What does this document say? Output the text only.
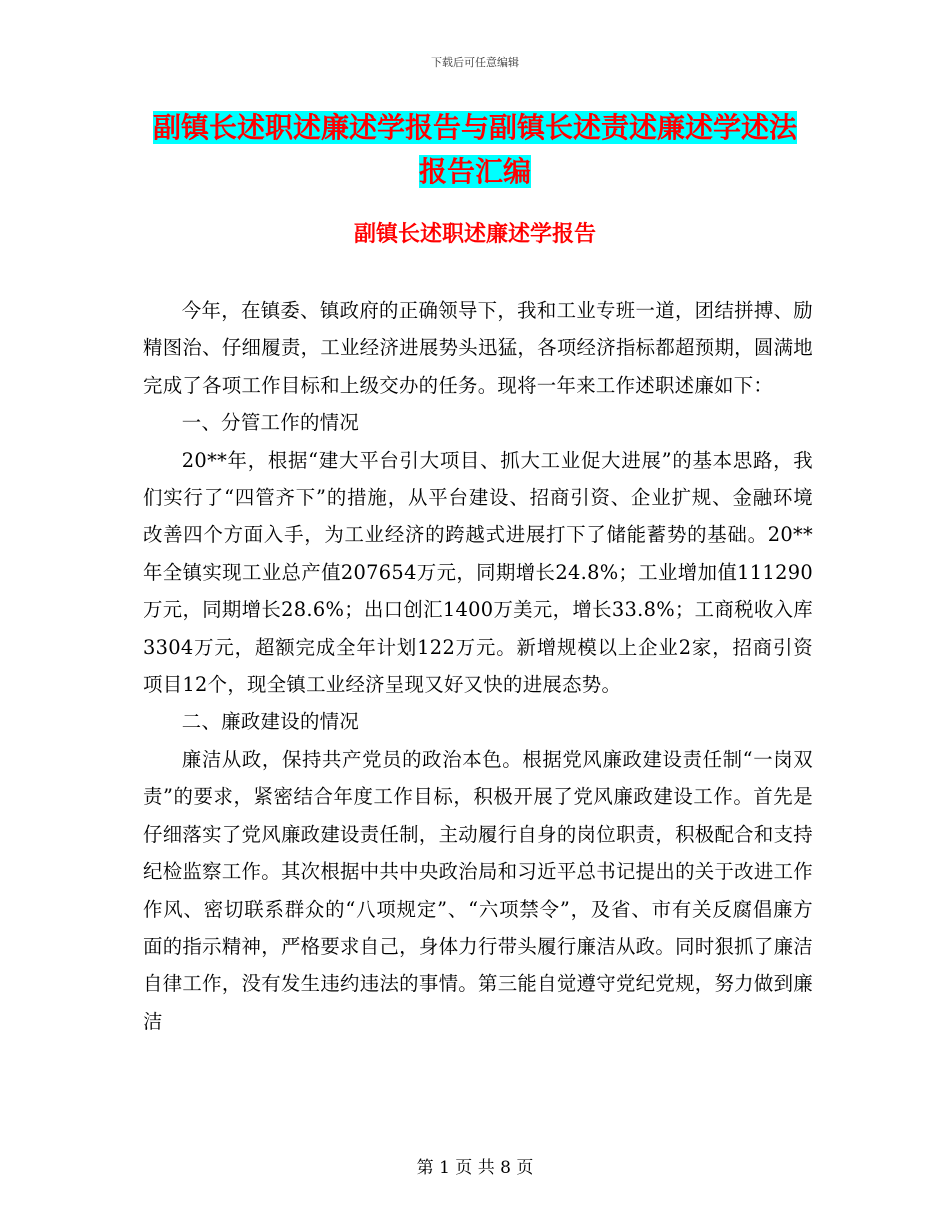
下载后可任意编辑
副镇长述职述廉述学报告与副镇长述责述廉述学述法
报告汇编
副镇长述职述廉述学报告

今年，在镇委、镇政府的正确领导下，我和工业专班一道，团结拼搏、励精图治、仔细履责，工业经济进展势头迅猛，各项经济指标都超预期，圆满地完成了各项工作目标和上级交办的任务。现将一年来工作述职述廉如下：

一、分管工作的情况

20**年，根据“建大平台引大项目、抓大工业促大进展”的基本思路，我们实行了“四管齐下”的措施，从平台建设、招商引资、企业扩规、金融环境改善四个方面入手，为工业经济的跨越式进展打下了储能蓄势的基础。20**年全镇实现工业总产值207654万元，同期增长24.8%；工业增加值111290万元，同期增长28.6%；出口创汇1400万美元，增长33.8%；工商税收入库3304万元，超额完成全年计划122万元。新增规模以上企业2家，招商引资项目12个，现全镇工业经济呈现又好又快的进展态势。

二、廉政建设的情况

廉洁从政，保持共产党员的政治本色。根据党风廉政建设责任制“一岗双责”的要求，紧密结合年度工作目标，积极开展了党风廉政建设工作。首先是仔细落实了党风廉政建设责任制，主动履行自身的岗位职责，积极配合和支持纪检监察工作。其次根据中共中央政治局和习近平总书记提出的关于改进工作作风、密切联系群众的“八项规定”、“六项禁令”，及省、市有关反腐倡廉方面的指示精神，严格要求自己，身体力行带头履行廉洁从政。同时狠抓了廉洁自律工作，没有发生违约违法的事情。第三能自觉遵守党纪党规，努力做到廉洁

第 1 页 共 8 页
